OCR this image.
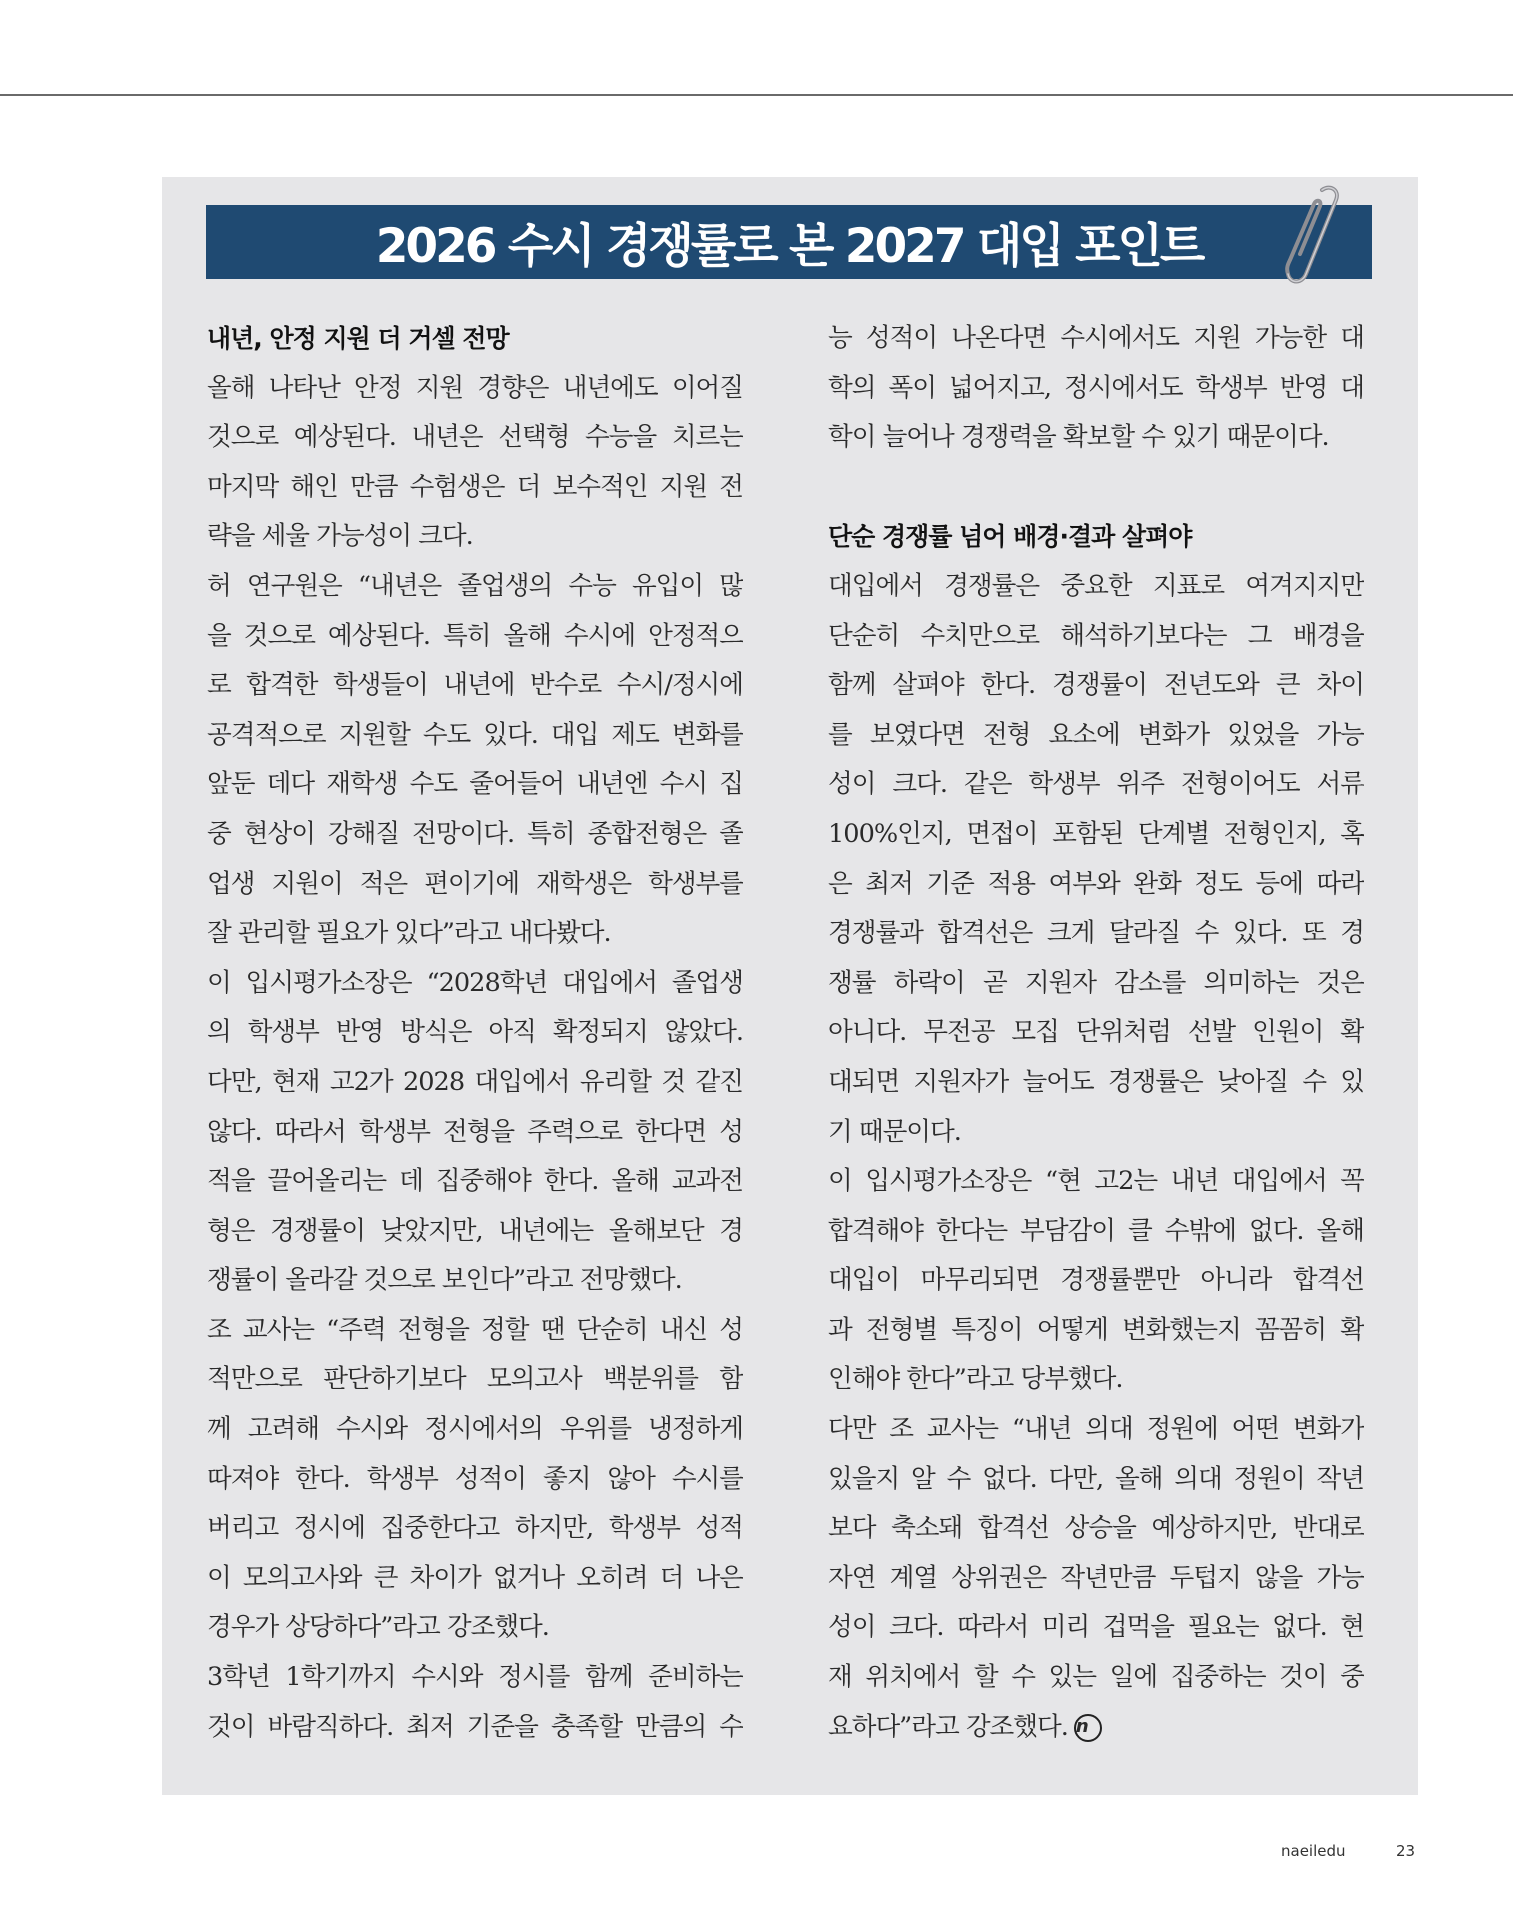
2026 수시 경쟁률로 본 2027 대입 포인트
내년, 안정 지원 더 거셀 전망
올해 나타난 안정 지원 경향은 내년에도 이어질
것으로 예상된다. 내년은 선택형 수능을 치르는
마지막 해인 만큼 수험생은 더 보수적인 지원 전
략을 세울 가능성이 크다.
허 연구원은 “내년은 졸업생의 수능 유입이 많
을 것으로 예상된다. 특히 올해 수시에 안정적으
로 합격한 학생들이 내년에 반수로 수시/정시에
공격적으로 지원할 수도 있다. 대입 제도 변화를
앞둔 데다 재학생 수도 줄어들어 내년엔 수시 집
중 현상이 강해질 전망이다. 특히 종합전형은 졸
업생 지원이 적은 편이기에 재학생은 학생부를
잘 관리할 필요가 있다”라고 내다봤다.
이 입시평가소장은 “2028학년 대입에서 졸업생
의 학생부 반영 방식은 아직 확정되지 않았다.
다만, 현재 고2가 2028 대입에서 유리할 것 같진
않다. 따라서 학생부 전형을 주력으로 한다면 성
적을 끌어올리는 데 집중해야 한다. 올해 교과전
형은 경쟁률이 낮았지만, 내년에는 올해보단 경
쟁률이 올라갈 것으로 보인다”라고 전망했다.
조 교사는 “주력 전형을 정할 땐 단순히 내신 성
적만으로 판단하기보다 모의고사 백분위를 함
께 고려해 수시와 정시에서의 우위를 냉정하게
따져야 한다. 학생부 성적이 좋지 않아 수시를
버리고 정시에 집중한다고 하지만, 학생부 성적
이 모의고사와 큰 차이가 없거나 오히려 더 나은
경우가 상당하다”라고 강조했다.
3학년 1학기까지 수시와 정시를 함께 준비하는
것이 바람직하다. 최저 기준을 충족할 만큼의 수
능 성적이 나온다면 수시에서도 지원 가능한 대
학의 폭이 넓어지고, 정시에서도 학생부 반영 대
학이 늘어나 경쟁력을 확보할 수 있기 때문이다.
단순 경쟁률 넘어 배경·결과 살펴야
대입에서 경쟁률은 중요한 지표로 여겨지지만
단순히 수치만으로 해석하기보다는 그 배경을
함께 살펴야 한다. 경쟁률이 전년도와 큰 차이
를 보였다면 전형 요소에 변화가 있었을 가능
성이 크다. 같은 학생부 위주 전형이어도 서류
100%인지, 면접이 포함된 단계별 전형인지, 혹
은 최저 기준 적용 여부와 완화 정도 등에 따라
경쟁률과 합격선은 크게 달라질 수 있다. 또 경
쟁률 하락이 곧 지원자 감소를 의미하는 것은
아니다. 무전공 모집 단위처럼 선발 인원이 확
대되면 지원자가 늘어도 경쟁률은 낮아질 수 있
기 때문이다.
이 입시평가소장은 “현 고2는 내년 대입에서 꼭
합격해야 한다는 부담감이 클 수밖에 없다. 올해
대입이 마무리되면 경쟁률뿐만 아니라 합격선
과 전형별 특징이 어떻게 변화했는지 꼼꼼히 확
인해야 한다”라고 당부했다.
다만 조 교사는 “내년 의대 정원에 어떤 변화가
있을지 알 수 없다. 다만, 올해 의대 정원이 작년
보다 축소돼 합격선 상승을 예상하지만, 반대로
자연 계열 상위권은 작년만큼 두텁지 않을 가능
성이 크다. 따라서 미리 겁먹을 필요는 없다. 현
재 위치에서 할 수 있는 일에 집중하는 것이 중
요하다”라고 강조했다. n
naeiledu	23
